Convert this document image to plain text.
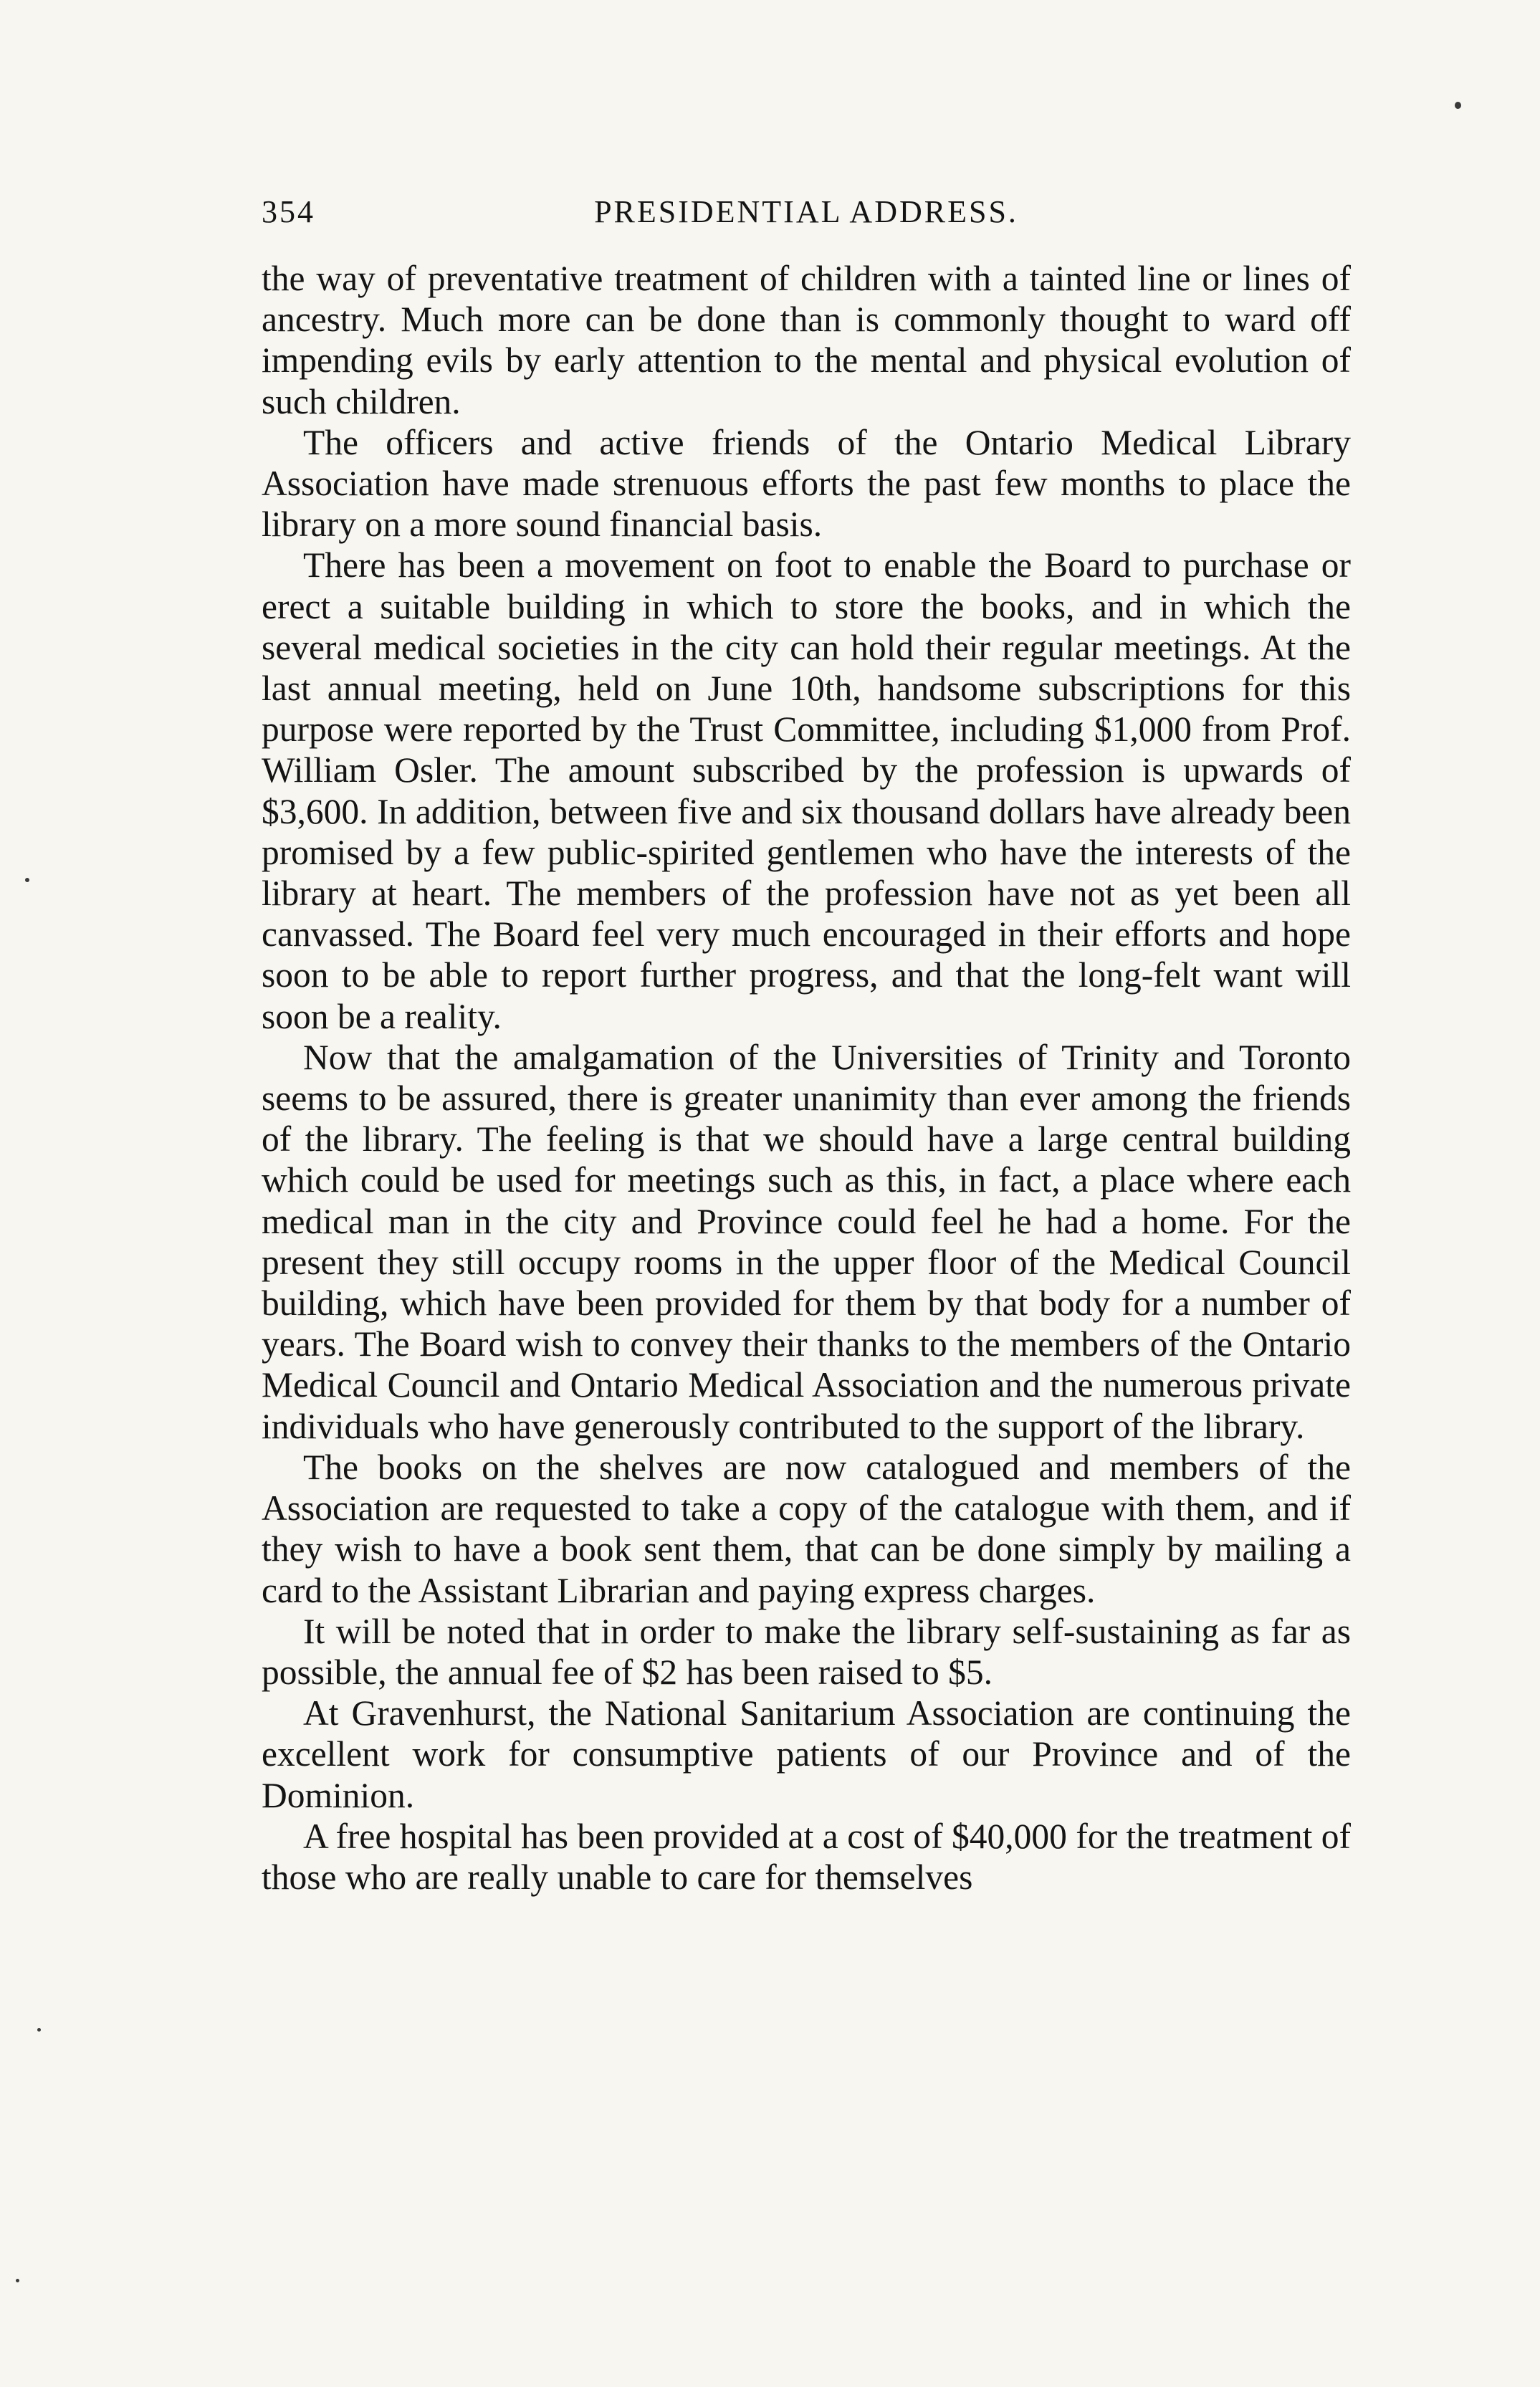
354	PRESIDENTIAL ADDRESS.

the way of preventative treatment of children with a tainted line or lines of ancestry. Much more can be done than is commonly thought to ward off impending evils by early attention to the mental and physical evolution of such children.

The officers and active friends of the Ontario Medical Library Association have made strenuous efforts the past few months to place the library on a more sound financial basis.

There has been a movement on foot to enable the Board to purchase or erect a suitable building in which to store the books, and in which the several medical societies in the city can hold their regular meetings. At the last annual meeting, held on June 10th, handsome subscriptions for this purpose were reported by the Trust Committee, including $1,000 from Prof. William Osler. The amount subscribed by the profession is upwards of $3,600. In addition, between five and six thousand dollars have already been promised by a few public-spirited gentlemen who have the interests of the library at heart. The members of the profession have not as yet been all canvassed. The Board feel very much encouraged in their efforts and hope soon to be able to report further progress, and that the long-felt want will soon be a reality.

Now that the amalgamation of the Universities of Trinity and Toronto seems to be assured, there is greater unanimity than ever among the friends of the library. The feeling is that we should have a large central building which could be used for meetings such as this, in fact, a place where each medical man in the city and Province could feel he had a home. For the present they still occupy rooms in the upper floor of the Medical Council building, which have been provided for them by that body for a number of years. The Board wish to convey their thanks to the members of the Ontario Medical Council and Ontario Medical Association and the numerous private individuals who have generously contributed to the support of the library.

The books on the shelves are now catalogued and members of the Association are requested to take a copy of the catalogue with them, and if they wish to have a book sent them, that can be done simply by mailing a card to the Assistant Librarian and paying express charges.

It will be noted that in order to make the library self-sustaining as far as possible, the annual fee of $2 has been raised to $5.

At Gravenhurst, the National Sanitarium Association are continuing the excellent work for consumptive patients of our Province and of the Dominion.

A free hospital has been provided at a cost of $40,000 for the treatment of those who are really unable to care for themselves
